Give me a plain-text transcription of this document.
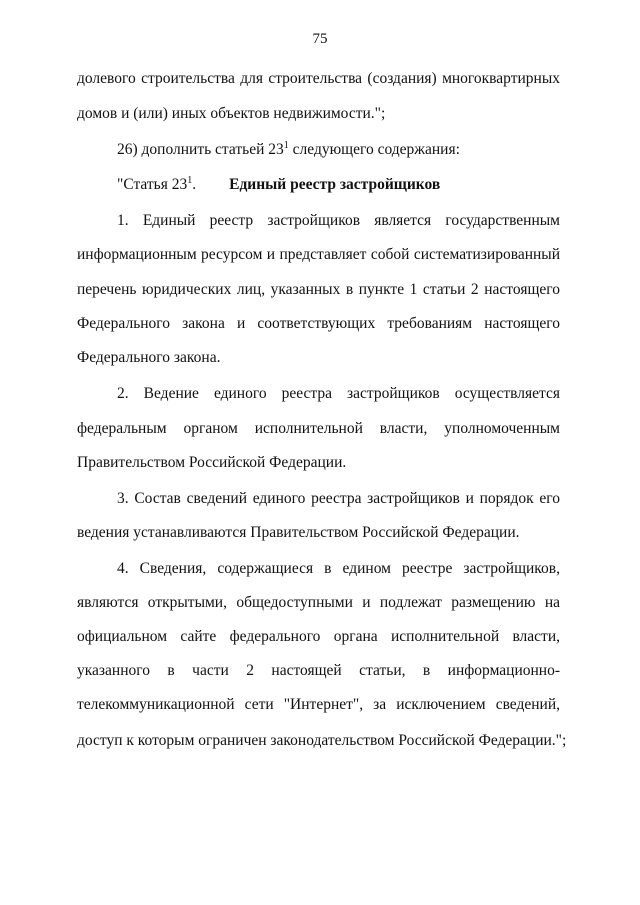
75
долевого строительства для строительства (создания) многоквартирных
домов и (или) иных объектов недвижимости.";
26) дополнить статьей $23^1$ следующего содержания:
"Статья $23^1$. Единый реестр застройщиков
1. Единый реестр застройщиков является государственным
информационным ресурсом и представляет собой систематизированный
перечень юридических лиц, указанных в пункте 1 статьи 2 настоящего
Федерального закона и соответствующих требованиям настоящего
Федерального закона.
2. Ведение единого реестра застройщиков осуществляется
федеральным органом исполнительной власти, уполномоченным
Правительством Российской Федерации.
3. Состав сведений единого реестра застройщиков и порядок его
ведения устанавливаются Правительством Российской Федерации.
4. Сведения, содержащиеся в едином реестре застройщиков,
являются открытыми, общедоступными и подлежат размещению на
официальном сайте федерального органа исполнительной власти,
указанного в части 2 настоящей статьи, в информационно-
телекоммуникационной сети "Интернет", за исключением сведений,
доступ к которым ограничен законодательством Российской Федерации.";
